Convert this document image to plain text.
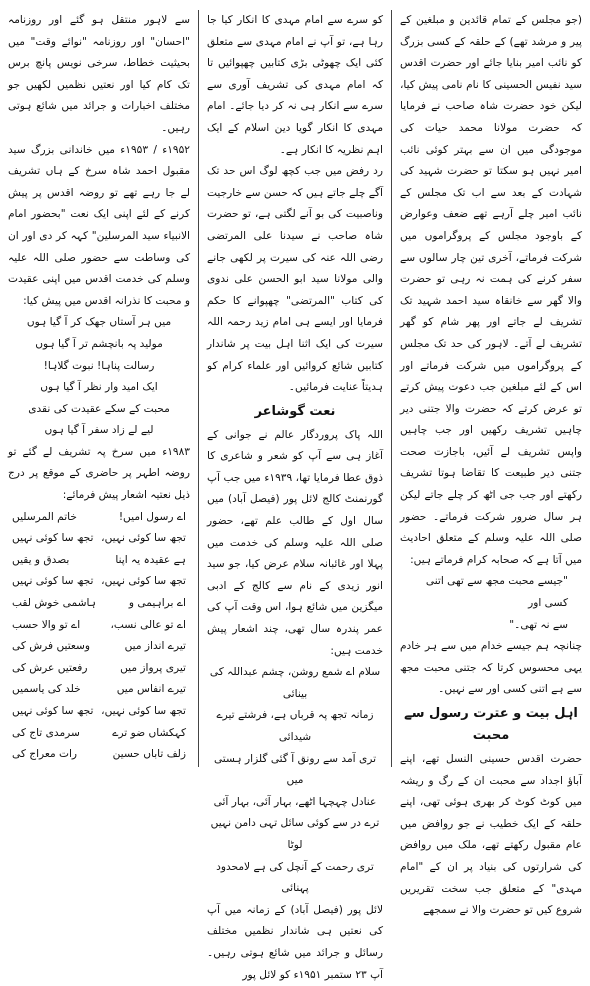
(جو مجلس کے تمام قائدین و مبلغین کے پیر و مرشد تھے) کے حلقہ کے کسی بزرگ کو نائب امیر بنایا جائے اور حضرت اقدس سید نفیس الحسینی کا نام نامی پیش کیا، لیکن خود حضرت شاہ صاحب نے فرمایا کہ حضرت مولانا محمد حیات کی موجودگی میں ان سے بہتر کوئی نائب امیر نہیں ہو سکتا تو حضرت شہید کی شہادت کے بعد سے اب تک مجلس کے نائب امیر چلے آرہے تھے ضعف وعوارض کے باوجود مجلس کے پروگراموں میں شرکت فرماتے، آخری تین چار سالوں سے سفر کرنے کی ہمت نہ رہی تو حضرت والا گھر سے خانقاہ سید احمد شہید تک تشریف لے جاتے اور پھر شام کو گھر تشریف لے آتے۔ لاہور کی حد تک مجلس کے پروگراموں میں شرکت فرماتے اور اس کے لئے مبلغین جب دعوت پیش کرتے تو عرض کرتے کہ حضرت والا جتنی دیر چاہیں تشریف رکھیں اور جب چاہیں واپس تشریف لے آئیں، باجازت صحت جتنی دیر طبیعت کا تقاضا ہوتا تشریف رکھتے اور جب جی اٹھ کر چلے جاتے لیکن ہر سال ضرور شرکت فرماتے۔ حضور صلی اللہ علیہ وسلم کے متعلق احادیث میں آتا ہے کہ صحابہ کرام فرماتے ہیں:

"جیسے محبت مجھ سے تھی اتنی کسی اور

سے نہ تھی۔"

چنانچہ ہم جیسے خدام میں سے ہر خادم یہی محسوس کرتا کہ جتنی محبت مجھ سے ہے اتنی کسی اور سے نہیں۔

اہل بیت و عترت رسول سے محبت

حضرت اقدس حسینی النسل تھے، اپنے آباؤ اجداد سے محبت ان کے رگ و ریشہ میں کوٹ کوٹ کر بھری ہوئی تھی، اپنے حلقہ کے ایک خطیب نے جو روافض میں عام مقبول رکھتے تھے، ملک میں روافض کی شرارتوں کی بنیاد پر ان کے "امام مہدی" کے متعلق جب سخت تقریریں شروع کیں تو حضرت والا نے سمجھے

کو سرے سے امام مہدی کا انکار کیا جا رہا ہے، تو آپ نے امام مہدی سے متعلق کئی ایک چھوٹی بڑی کتابیں چھپوائیں تا کہ امام مہدی کی تشریف آوری سے سرے سے انکار ہی نہ کر دیا جائے۔ امام مہدی کا انکار گویا دین اسلام کے ایک اہم نظریہ کا انکار ہے۔

رد رفض میں جب کچھ لوگ اس حد تک آگے چلے جاتے ہیں کہ حسن سے خارجیت وناصبیت کی بو آنے لگتی ہے، تو حضرت شاہ صاحب نے سیدنا علی المرتضی رضی اللہ عنہ کی سیرت پر لکھی جانے والی مولانا سید ابو الحسن علی ندوی کی کتاب "المرتضی" چھپوانے کا حکم فرمایا اور ایسے ہی امام زید رحمہ اللہ سیرت کی ایک اثنا اہل بیت پر شاندار کتابیں شائع کروائیں اور علماء کرام کو ہدیتاً عنایت فرمائیں۔

نعت گوشاعر

اللہ پاک پروردگار عالم نے جوانی کے آغاز ہی سے آپ کو شعر و شاعری کا ذوق عطا فرمایا تھا، ۱۹۳۹ء میں جب آپ گورنمنٹ کالج لائل پور (فیصل آباد) میں سال اول کے طالب علم تھے، حضور صلی اللہ علیہ وسلم کی خدمت میں پہلا اور غائبانہ سلام عرض کیا، جو سید انور زیدی کے نام سے کالج کے ادبی میگزین میں شائع ہوا، اس وقت آپ کی عمر پندرہ سال تھی، چند اشعار پیش خدمت ہیں:

سلام اے شمع روشن، چشم عبداللہ کی بینائی

زمانہ تجھ پہ قرباں ہے، فرشتے تیرے شیدائی

تری آمد سے رونق آ گئی گلزار ہستی میں

عنادل چہچہا اٹھے، بہار آئی، بہار آئی

ترے در سے کوئی سائل تہی دامن نہیں لوٹا

تری رحمت کے آنچل کی ہے لامحدود پہنائی

لائل پور (فیصل آباد) کے زمانہ میں آپ کی نعتیں ہی شاندار نظمیں مختلف رسائل و جرائد میں شائع ہوتی رہیں۔ آپ ۲۳ ستمبر ۱۹۵۱ء کو لائل پور

سے لاہور منتقل ہو گئے اور روزنامہ "احسان" اور روزنامہ "نوائے وقت" میں بحیثیت خطاط، سرخی نویس پانچ برس تک کام کیا اور نعتیں نظمیں لکھیں جو مختلف اخبارات و جرائد میں شائع ہوتی رہیں۔

۱۹۵۲ء / ۱۹۵۳ء میں خاندانی بزرگ سید مقبول احمد شاہ سرخ کے ہاں تشریف لے جا رہے تھے تو روضہ اقدس پر پیش کرنے کے لئے اپنی ایک نعت "بحضور امام الانبیاء سید المرسلین" کہہ کر دی اور ان کی وساطت سے حضور صلی اللہ علیہ وسلم کی خدمت اقدس میں اپنی عقیدت و محبت کا نذرانہ اقدس میں پیش کیا:

میں ہر آستاں جھک کر آ گیا ہوں

مولید پہ بانچشم تر آ گیا ہوں

رسالت پناہا! نبوت گلاہا!

ایک امید وار نظر آ گیا ہوں

محبت کے سکے عقیدت کی نقدی

لیے لے زاد سفر آ گیا ہوں

۱۹۸۳ء میں سرخ پہ تشریف لے گئے تو روضہ اطہر پر حاضری کے موقع پر درج ذیل نعتیہ اشعار پیش فرمائے:

اے رسول امیں!
خاتم المرسلیں
تجھ سا کوئی نہیں،
تجھ سا کوئی نہیں
ہے عقیدہ یہ اپنا
بصدق و یقیں
تجھ سا کوئی نہیں،
تجھ سا کوئی نہیں
اے براہیمی و
ہاشمی خوش لقب
اے تو عالی نسب،
اے تو والا حسب
تیرے انداز میں
وسعتیں فرش کی
تیری پرواز میں
رفعتیں عرش کی
تیرے انفاس میں
خلد کی یاسمیں
تجھ سا کوئی نہیں،
تجھ سا کوئی نہیں
کہکشاں ضو ترے
سرمدی تاج کی
زلف تاباں حسین
رات معراج کی
